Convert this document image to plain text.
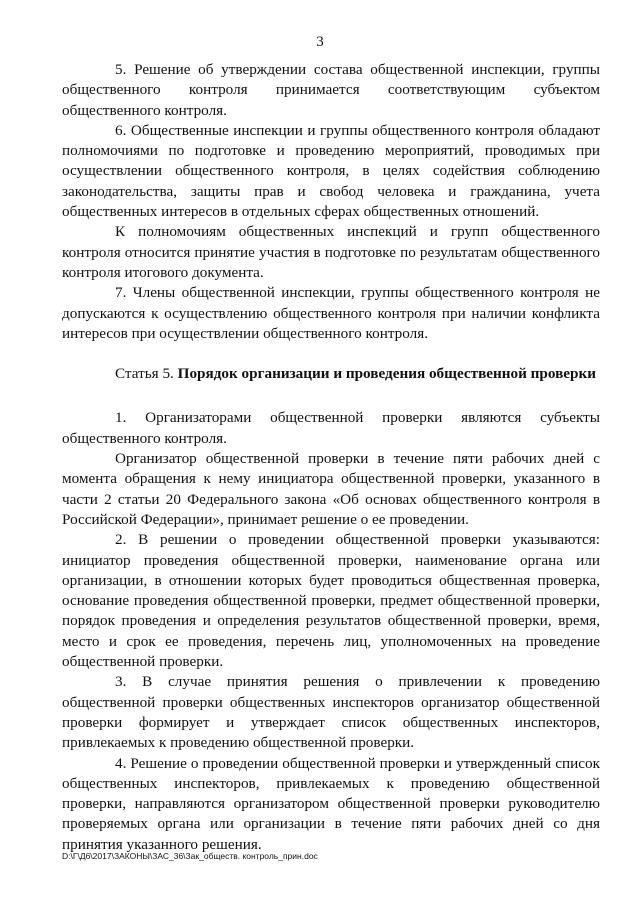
3

5. Решение об утверждении состава общественной инспекции, группы общественного контроля принимается соответствующим субъектом общественного контроля.

6. Общественные инспекции и группы общественного контроля обладают полномочиями по подготовке и проведению мероприятий, проводимых при осуществлении общественного контроля, в целях содействия соблюдению законодательства, защиты прав и свобод человека и гражданина, учета общественных интересов в отдельных сферах общественных отношений.

К полномочиям общественных инспекций и групп общественного контроля относится принятие участия в подготовке по результатам общественного контроля итогового документа.

7. Члены общественной инспекции, группы общественного контроля не допускаются к осуществлению общественного контроля при наличии конфликта интересов при осуществлении общественного контроля.

Статья 5. Порядок организации и проведения общественной проверки

1. Организаторами общественной проверки являются субъекты общественного контроля.

Организатор общественной проверки в течение пяти рабочих дней с момента обращения к нему инициатора общественной проверки, указанного в части 2 статьи 20 Федерального закона «Об основах общественного контроля в Российской Федерации», принимает решение о ее проведении.

2. В решении о проведении общественной проверки указываются: инициатор проведения общественной проверки, наименование органа или организации, в отношении которых будет проводиться общественная проверка, основание проведения общественной проверки, предмет общественной проверки, порядок проведения и определения результатов общественной проверки, время, место и срок ее проведения, перечень лиц, уполномоченных на проведение общественной проверки.

3. В случае принятия решения о привлечении к проведению общественной проверки общественных инспекторов организатор общественной проверки формирует и утверждает список общественных инспекторов, привлекаемых к проведению общественной проверки.

4. Решение о проведении общественной проверки и утвержденный список общественных инспекторов, привлекаемых к проведению общественной проверки, направляются организатором общественной проверки руководителю проверяемых органа или организации в течение пяти рабочих дней со дня принятия указанного решения.

D:\Г\Д6\2017\ЗАКОНЫ\ЗАС_36\Зак_обществ. контроль_прин.doc
